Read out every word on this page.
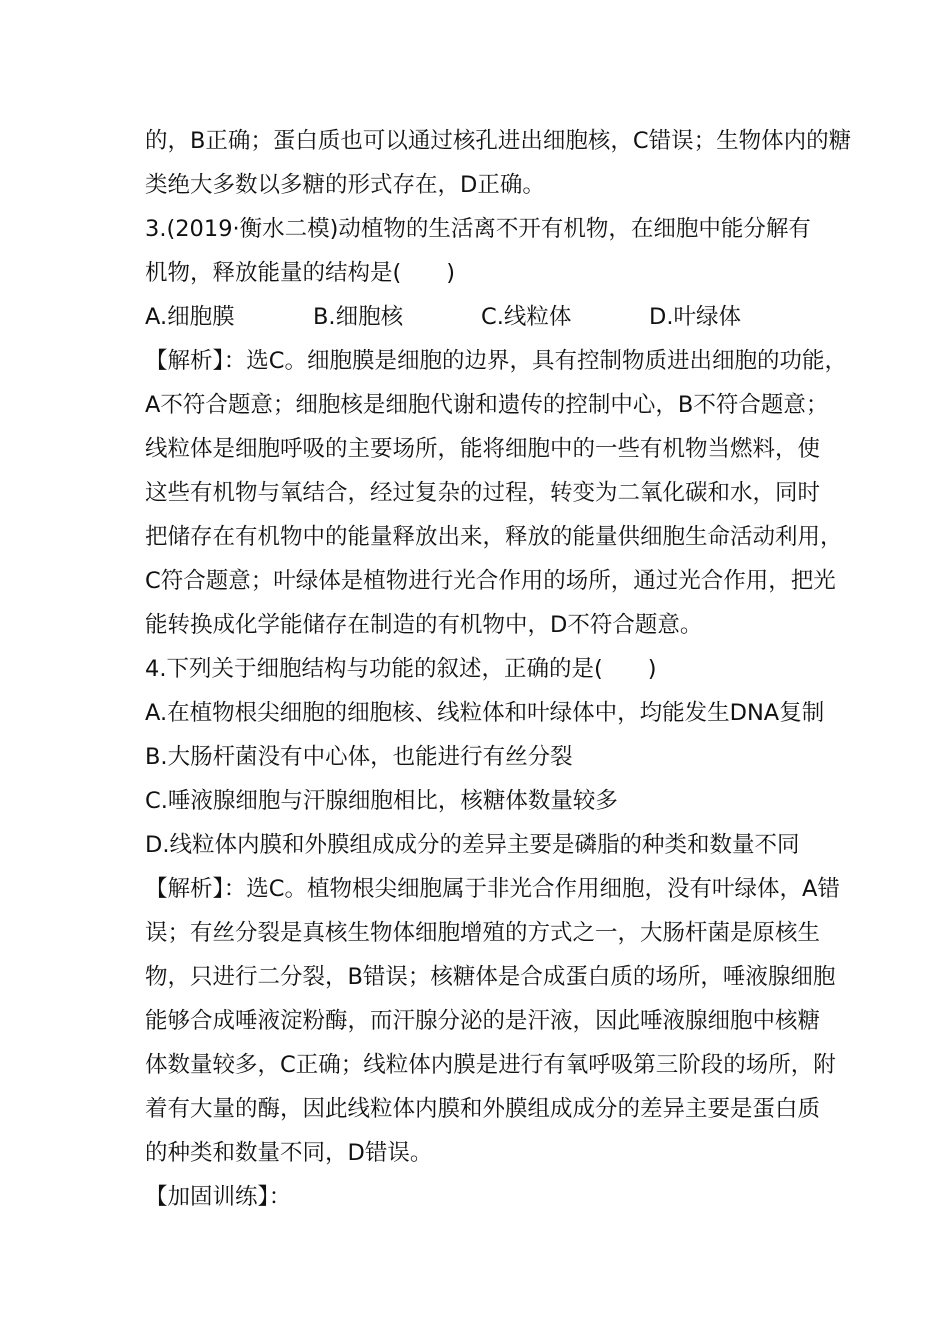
的，B正确；蛋白质也可以通过核孔进出细胞核，C错误；生物体内的糖
类绝大多数以多糖的形式存在，D正确。
3.(2019·衡水二模)动植物的生活离不开有机物，在细胞中能分解有
机物，释放能量的结构是(　　)
A.细胞膜	B.细胞核	C.线粒体	D.叶绿体
【解析】：选C。细胞膜是细胞的边界，具有控制物质进出细胞的功能，
A不符合题意；细胞核是细胞代谢和遗传的控制中心，B不符合题意；
线粒体是细胞呼吸的主要场所，能将细胞中的一些有机物当燃料，使
这些有机物与氧结合，经过复杂的过程，转变为二氧化碳和水，同时
把储存在有机物中的能量释放出来，释放的能量供细胞生命活动利用，
C符合题意；叶绿体是植物进行光合作用的场所，通过光合作用，把光
能转换成化学能储存在制造的有机物中，D不符合题意。
4.下列关于细胞结构与功能的叙述，正确的是(　　)
A.在植物根尖细胞的细胞核、线粒体和叶绿体中，均能发生DNA复制
B.大肠杆菌没有中心体，也能进行有丝分裂
C.唾液腺细胞与汗腺细胞相比，核糖体数量较多
D.线粒体内膜和外膜组成成分的差异主要是磷脂的种类和数量不同
【解析】：选C。植物根尖细胞属于非光合作用细胞，没有叶绿体，A错
误；有丝分裂是真核生物体细胞增殖的方式之一，大肠杆菌是原核生
物，只进行二分裂，B错误；核糖体是合成蛋白质的场所，唾液腺细胞
能够合成唾液淀粉酶，而汗腺分泌的是汗液，因此唾液腺细胞中核糖
体数量较多，C正确；线粒体内膜是进行有氧呼吸第三阶段的场所，附
着有大量的酶，因此线粒体内膜和外膜组成成分的差异主要是蛋白质
的种类和数量不同，D错误。
【加固训练】：
